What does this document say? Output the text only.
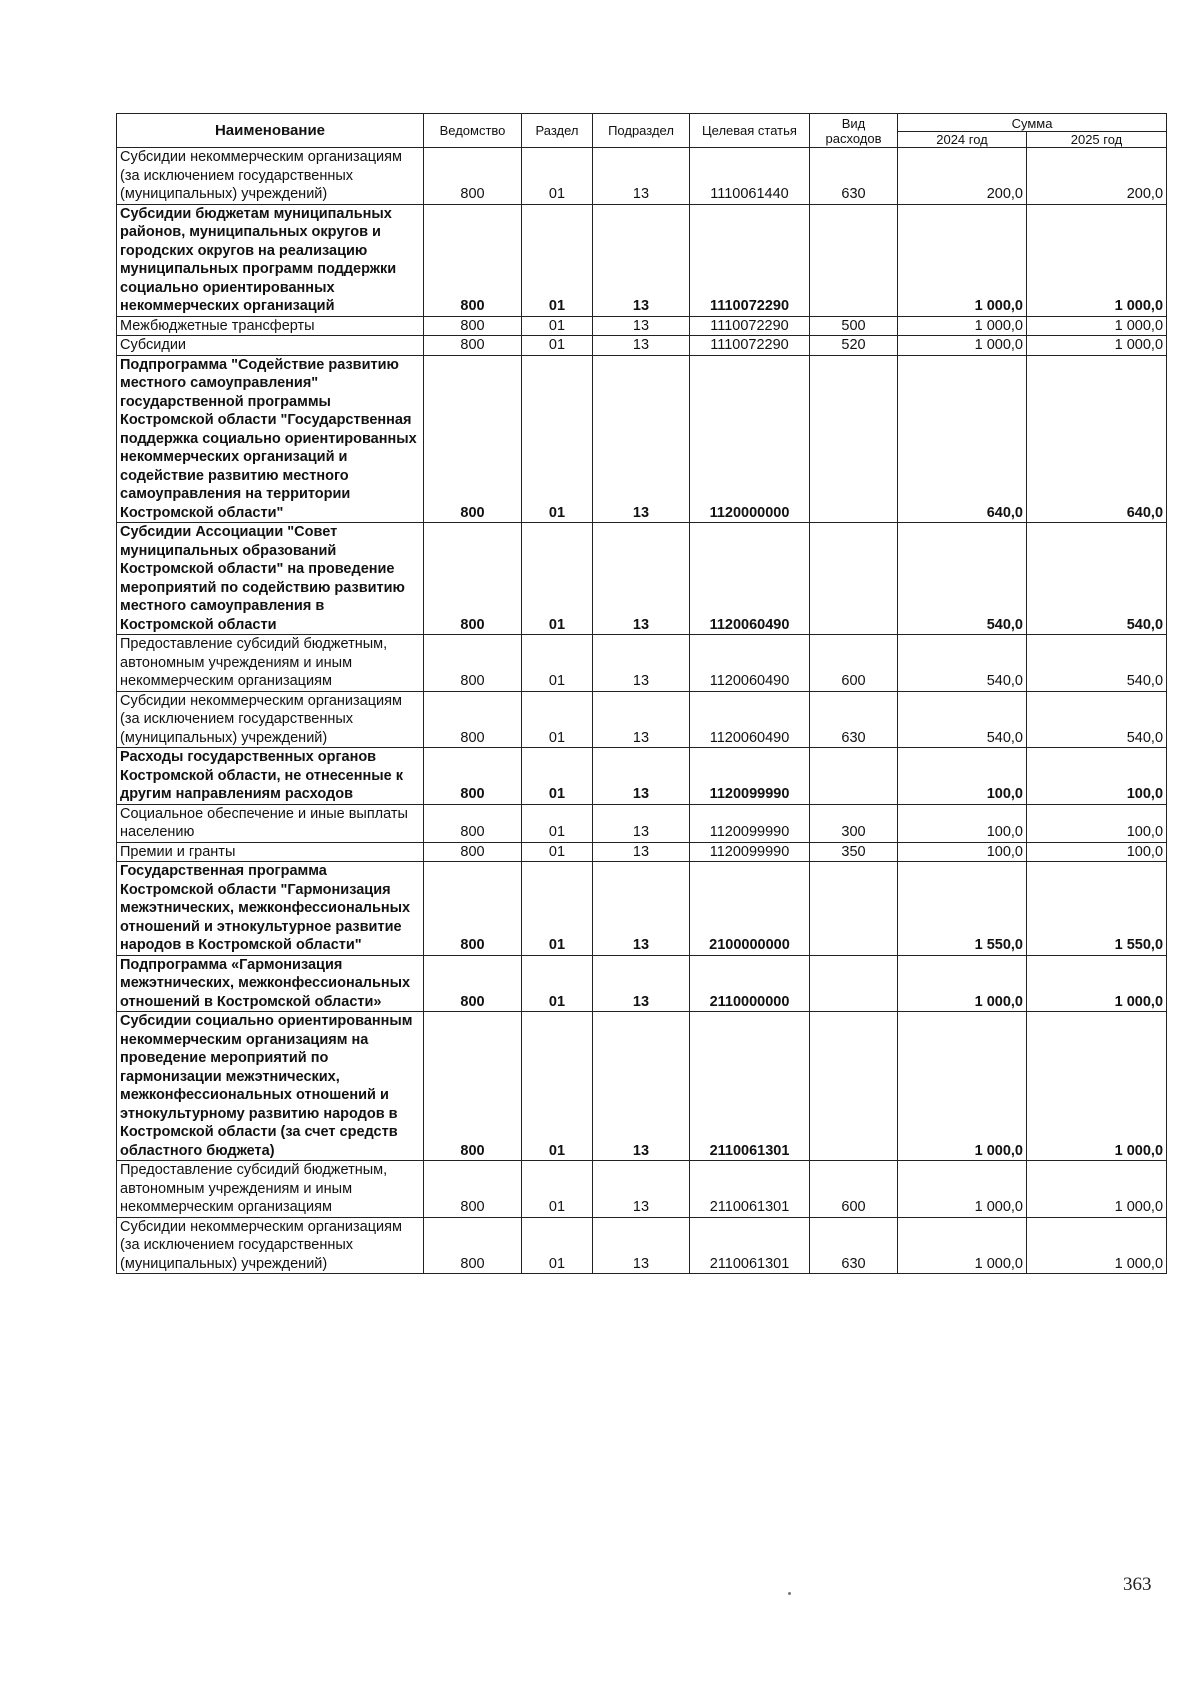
Наименование	Ведомство	Раздел	Подраздел	Целевая статья	Вид расходов	Сумма	
						2024 год	2025 год
Субсидии некоммерческим организациям (за исключением государственных (муниципальных) учреждений)	800	01	13	1110061440	630	200,0	200,0
Субсидии бюджетам муниципальных районов, муниципальных округов и городских округов на реализацию муниципальных программ поддержки социально ориентированных некоммерческих организаций	800	01	13	1110072290		1 000,0	1 000,0
Межбюджетные трансферты	800	01	13	1110072290	500	1 000,0	1 000,0
Субсидии	800	01	13	1110072290	520	1 000,0	1 000,0
Подпрограмма "Содействие развитию местного самоуправления" государственной программы Костромской области "Государственная поддержка социально ориентированных некоммерческих организаций и содействие развитию местного самоуправления на территории Костромской области"	800	01	13	1120000000		640,0	640,0
Субсидии Ассоциации "Совет муниципальных образований Костромской области" на проведение мероприятий по содействию развитию местного самоуправления в Костромской области	800	01	13	1120060490		540,0	540,0
Предоставление субсидий бюджетным, автономным учреждениям и иным некоммерческим организациям	800	01	13	1120060490	600	540,0	540,0
Субсидии некоммерческим организациям (за исключением государственных (муниципальных) учреждений)	800	01	13	1120060490	630	540,0	540,0
Расходы государственных органов Костромской области, не отнесенные к другим направлениям расходов	800	01	13	1120099990		100,0	100,0
Социальное обеспечение и иные выплаты населению	800	01	13	1120099990	300	100,0	100,0
Премии и гранты	800	01	13	1120099990	350	100,0	100,0
Государственная программа Костромской области "Гармонизация межэтнических, межконфессиональных отношений и этнокультурное развитие народов в Костромской области"	800	01	13	2100000000		1 550,0	1 550,0
Подпрограмма «Гармонизация межэтнических, межконфессиональных отношений в Костромской области»	800	01	13	2110000000		1 000,0	1 000,0
Субсидии социально ориентированным некоммерческим организациям на проведение мероприятий по гармонизации межэтнических, межконфессиональных отношений и этнокультурному развитию народов в Костромской области (за счет средств областного бюджета)	800	01	13	2110061301		1 000,0	1 000,0
Предоставление субсидий бюджетным, автономным учреждениям и иным некоммерческим организациям	800	01	13	2110061301	600	1 000,0	1 000,0
Субсидии некоммерческим организациям (за исключением государственных (муниципальных) учреждений)	800	01	13	2110061301	630	1 000,0	1 000,0
363
